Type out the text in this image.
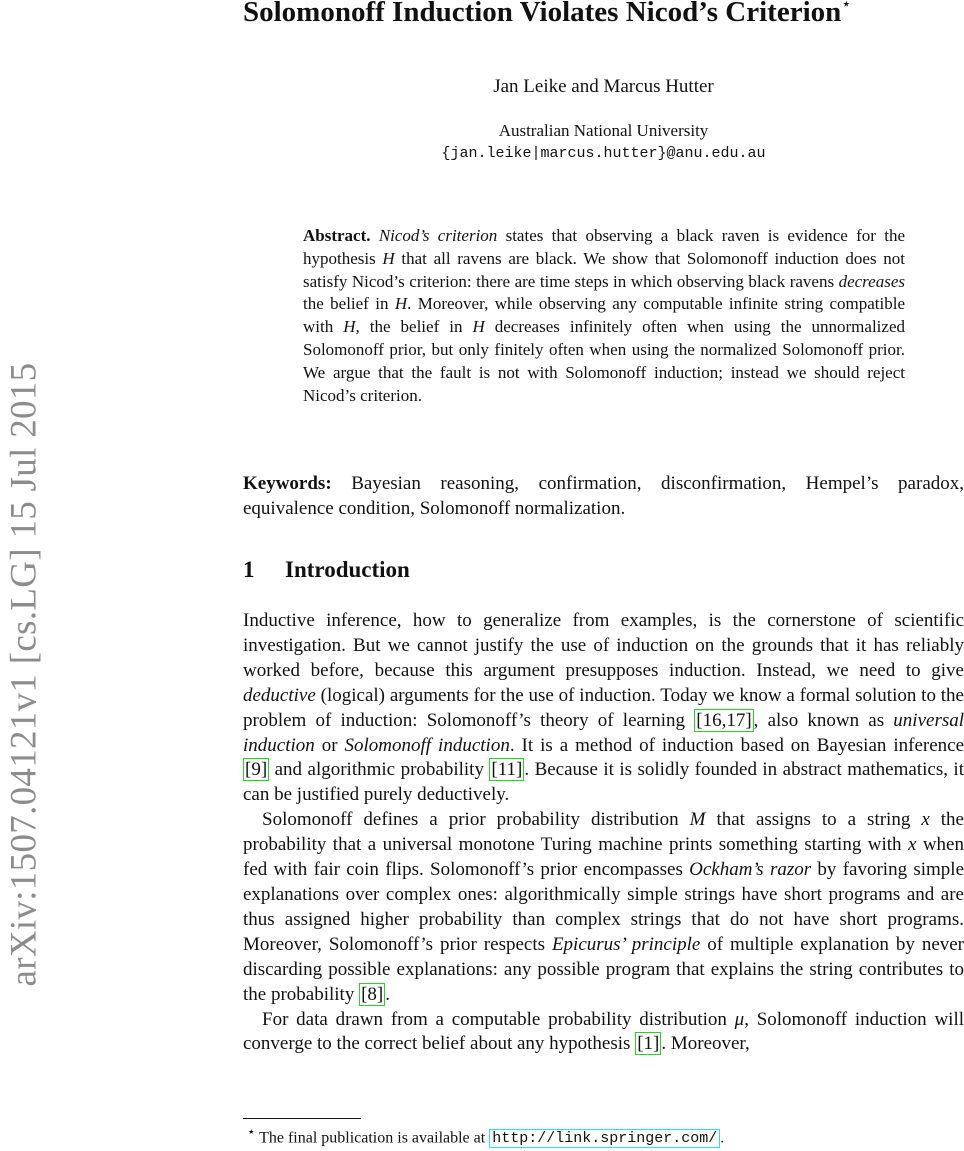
arXiv:1507.04121v1 [cs.LG] 15 Jul 2015
Solomonoff Induction Violates Nicod’s Criterion⋆
Jan Leike and Marcus Hutter
Australian National University
{jan.leike|marcus.hutter}@anu.edu.au

Abstract. Nicod’s criterion states that observing a black raven is evidence for the hypothesis H that all ravens are black. We show that Solomonoff induction does not satisfy Nicod’s criterion: there are time steps in which observing black ravens decreases the belief in H. Moreover, while observing any computable infinite string compatible with H, the belief in H decreases infinitely often when using the unnormalized Solomonoff prior, but only finitely often when using the normalized Solomonoff prior. We argue that the fault is not with Solomonoff induction; instead we should reject Nicod’s criterion.

Keywords: Bayesian reasoning, confirmation, disconfirmation, Hempel’s paradox, equivalence condition, Solomonoff normalization.

1 Introduction

Inductive inference, how to generalize from examples, is the cornerstone of scientific investigation. But we cannot justify the use of induction on the grounds that it has reliably worked before, because this argument presupposes induction. Instead, we need to give deductive (logical) arguments for the use of induction. Today we know a formal solution to the problem of induction: Solomonoff’s theory of learning [16,17] , also known as universal induction or Solomonoff induction. It is a method of induction based on Bayesian inference [9] and algorithmic probability [11] . Because it is solidly founded in abstract mathematics, it can be justified purely deductively.

Solomonoff defines a prior probability distribution M that assigns to a string x the probability that a universal monotone Turing machine prints something starting with x when fed with fair coin flips. Solomonoff’s prior encompasses Ockham’s razor by favoring simple explanations over complex ones: algorithmically simple strings have short programs and are thus assigned higher probability than complex strings that do not have short programs. Moreover, Solomonoff’s prior respects Epicurus’ principle of multiple explanation by never discarding possible explanations: any possible program that explains the string contributes to the probability [8] .

For data drawn from a computable probability distribution μ, Solomonoff induction will converge to the correct belief about any hypothesis [1] . Moreover,

⋆ The final publication is available at http://link.springer.com/ .
